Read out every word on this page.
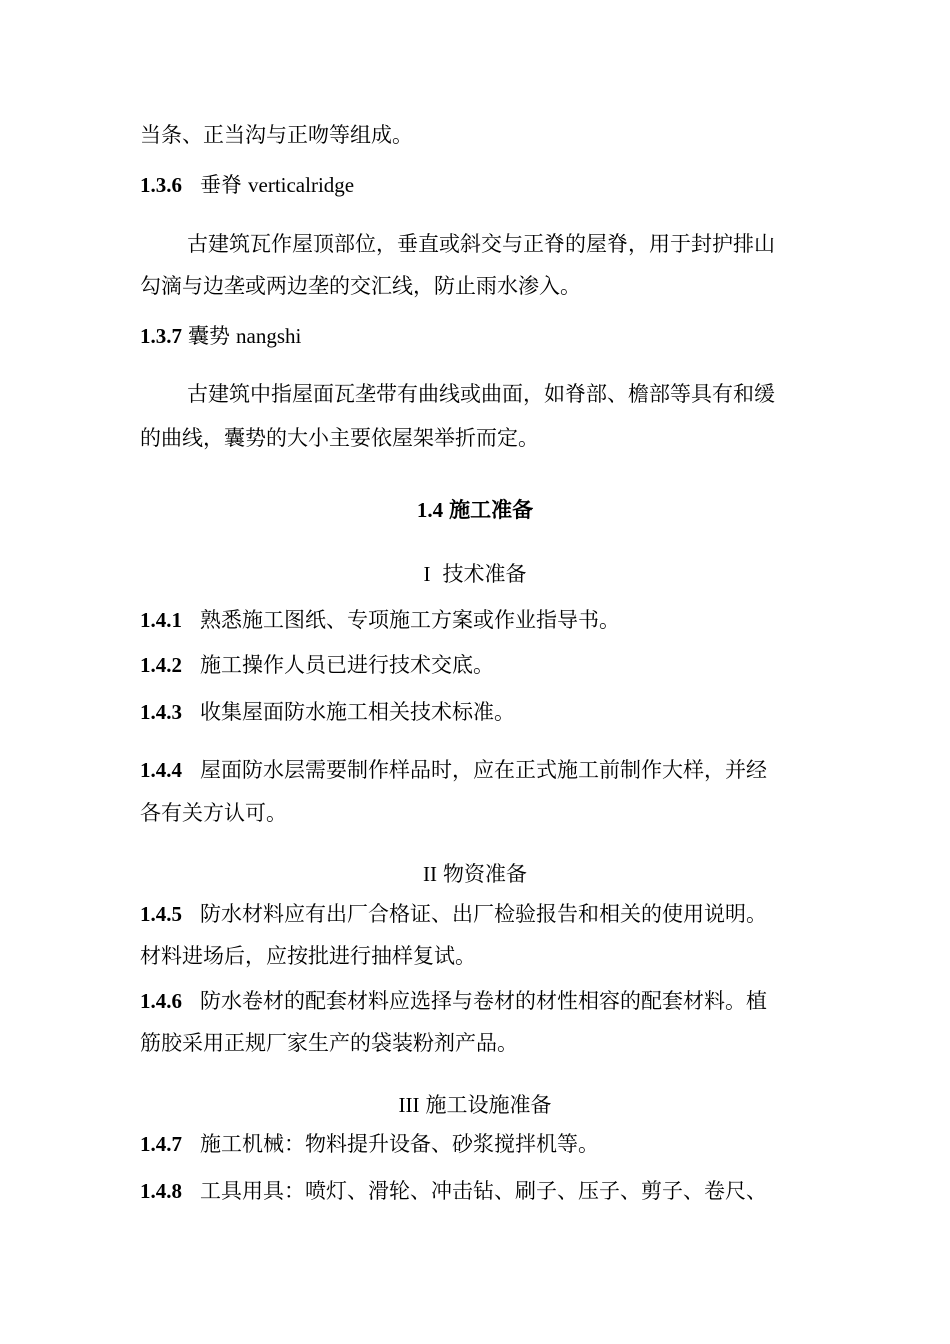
当条、正当沟与正吻等组成。
1.3.6 垂脊 verticalridge
古建筑瓦作屋顶部位，垂直或斜交与正脊的屋脊，用于封护排山
勾滴与边垄或两边垄的交汇线，防止雨水渗入。
1.3.7 囊势 nangshi
古建筑中指屋面瓦垄带有曲线或曲面，如脊部、檐部等具有和缓
的曲线，囊势的大小主要依屋架举折而定。
1.4 施工准备
I 技术准备
1.4.1 熟悉施工图纸、专项施工方案或作业指导书。
1.4.2 施工操作人员已进行技术交底。
1.4.3 收集屋面防水施工相关技术标准。
1.4.4 屋面防水层需要制作样品时，应在正式施工前制作大样，并经
各有关方认可。
II 物资准备
1.4.5 防水材料应有出厂合格证、出厂检验报告和相关的使用说明。
材料进场后，应按批进行抽样复试。
1.4.6 防水卷材的配套材料应选择与卷材的材性相容的配套材料。植
筋胶采用正规厂家生产的袋装粉剂产品。
III 施工设施准备
1.4.7 施工机械：物料提升设备、砂浆搅拌机等。
1.4.8 工具用具：喷灯、滑轮、冲击钻、刷子、压子、剪子、卷尺、
